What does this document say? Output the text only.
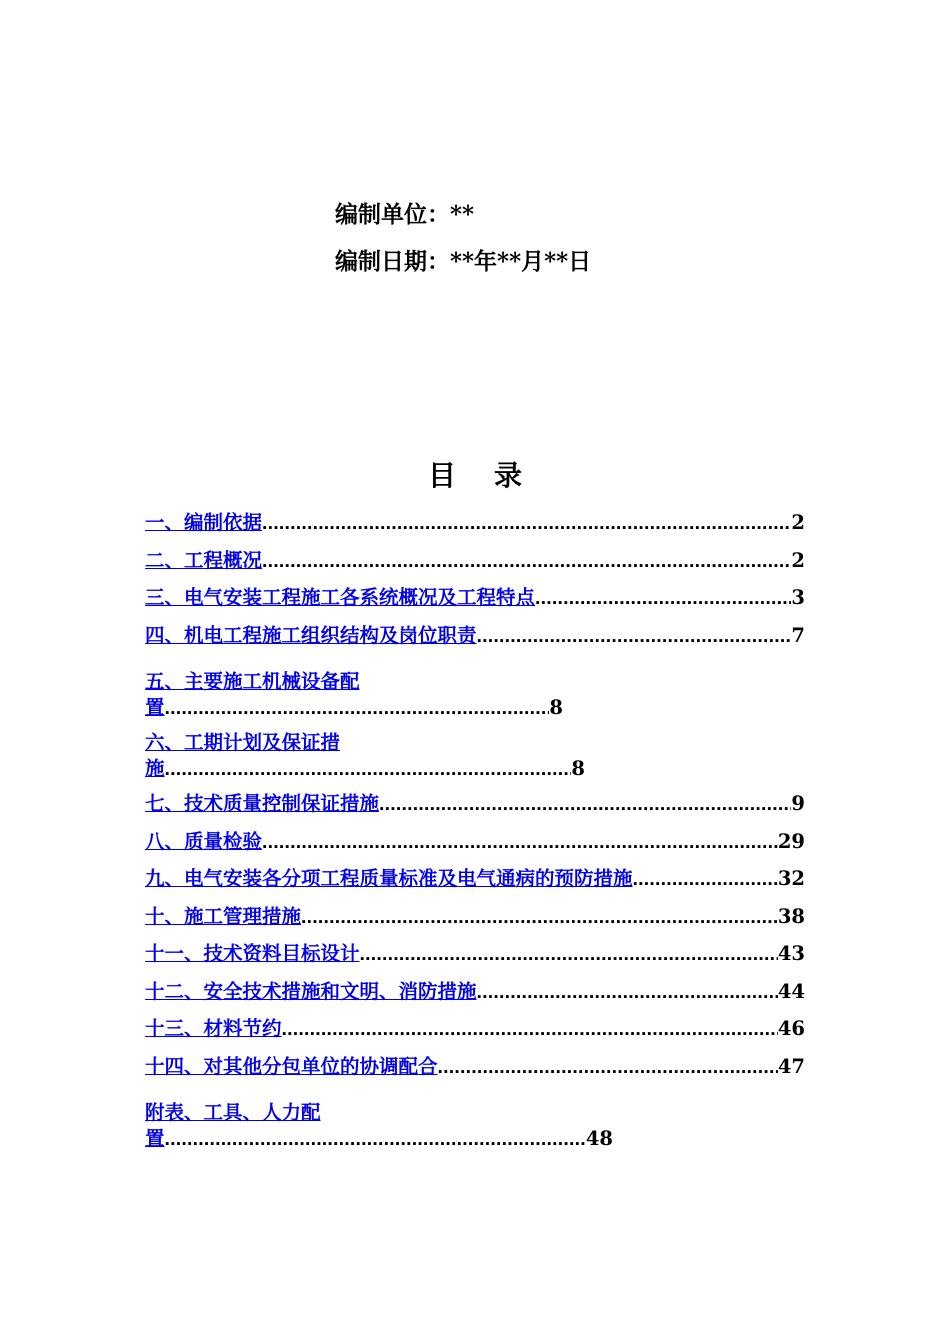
编制单位：**
编制日期：**年**月**日
目 录
一、编制依据 .....	2
二、工程概况 .....	2
三、电气安装工程施工各系统概况及工程特点 .....	3
四、机电工程施工组织结构及岗位职责 .....	7
五、主要施工机械设备配
置 .....	8
六、工期计划及保证措
施 .....	8
七、技术质量控制保证措施 .....	9
八、质量检验 .....	29
九、电气安装各分项工程质量标准及电气通病的预防措施 .....	32
十、施工管理措施 .....	38
十一、技术资料目标设计 .....	43
十二、安全技术措施和文明、消防措施 .....	44
十三、材料节约 .....	46
十四、对其他分包单位的协调配合 .....	47
附表、工具、人力配
置 .....	48
